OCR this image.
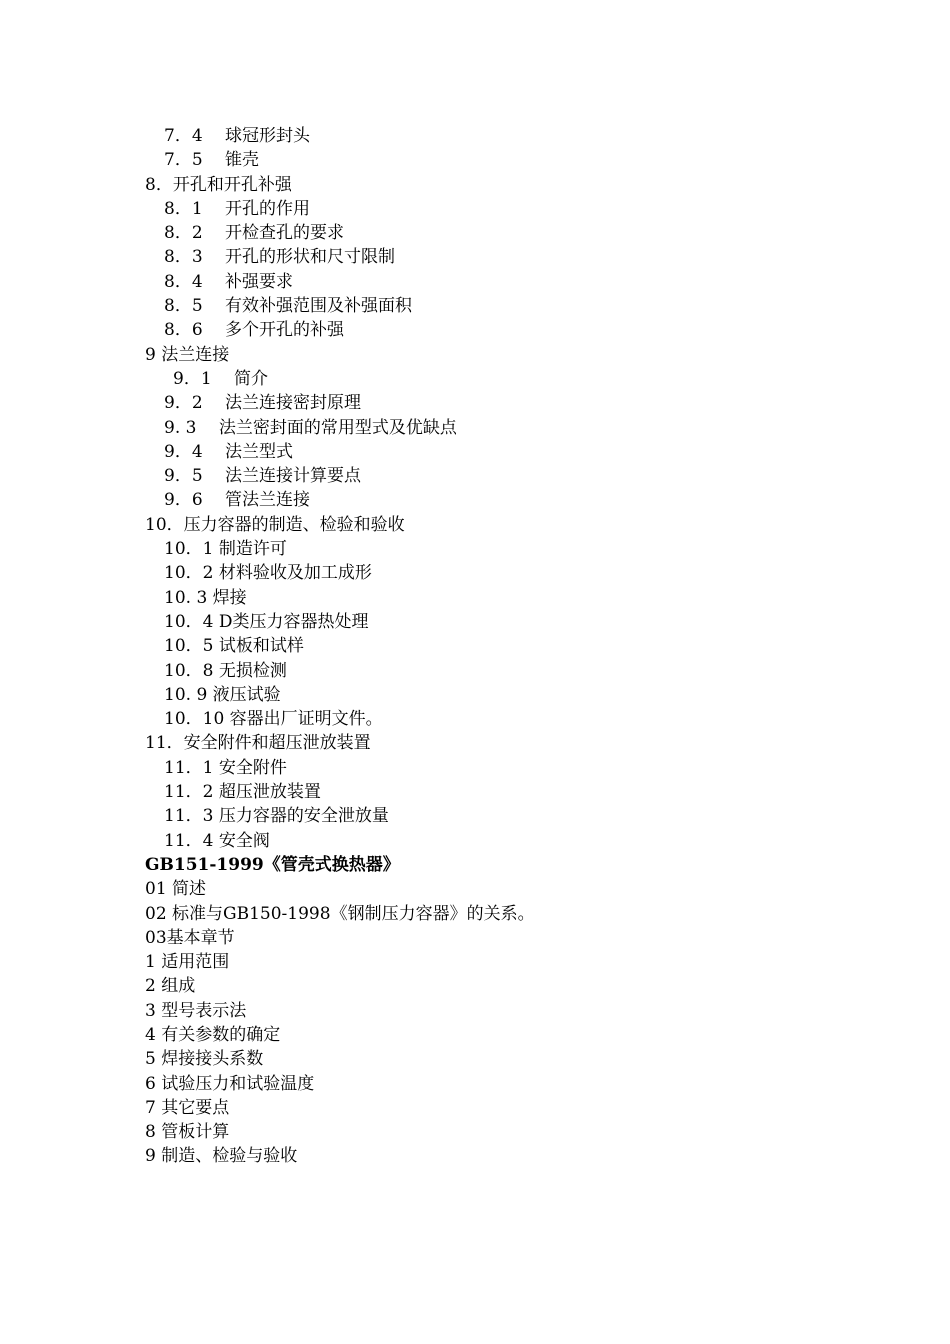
7．4　 球冠形封头
7．5　 锥壳
8．开孔和开孔补强
8．1　 开孔的作用
8．2　 开检查孔的要求
8．3　 开孔的形状和尺寸限制
8．4　 补强要求
8．5　 有效补强范围及补强面积
8．6　 多个开孔的补强
9 法兰连接
9．1　 简介
9．2　 法兰连接密封原理
9. 3　 法兰密封面的常用型式及优缺点
9．4　 法兰型式
9．5　 法兰连接计算要点
9．6　 管法兰连接
10．压力容器的制造、检验和验收
10．1 制造许可
10．2 材料验收及加工成形
10. 3 焊接
10．4 D类压力容器热处理
10．5 试板和试样
10．8 无损检测
10. 9 液压试验
10．10 容器出厂证明文件。
11．安全附件和超压泄放装置
11．1 安全附件
11．2 超压泄放装置
11．3 压力容器的安全泄放量
11．4 安全阀
GB151-1999《管壳式换热器》
01 简述
02 标准与GB150-1998《钢制压力容器》的关系。
03基本章节
1 适用范围
2 组成
3 型号表示法
4 有关参数的确定
5 焊接接头系数
6 试验压力和试验温度
7 其它要点
8 管板计算
9 制造、检验与验收
